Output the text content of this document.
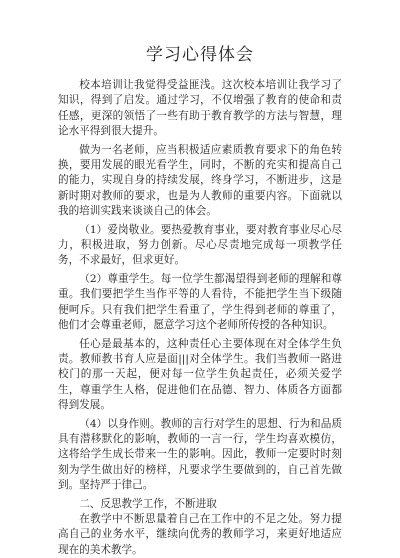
学习心得体会

校本培训让我觉得受益匪浅。这次校本培训让我学习了知识，得到了启发。通过学习，不仅增强了教育的使命和责任感，更深的领悟了一些有助于教育教学的方法与智慧，理论水平得到很大提升。

做为一名老师，应当积极适应素质教育要求下的角色转换，要用发展的眼光看学生，同时，不断的充实和提高自己的能力，实现自身的持续发展，终身学习，不断进步，这是新时期对教师的要求，也是为人教师的重要内容。下面就以我的培训实践来谈谈自己的体会。

（1）爱岗敬业。要热爱教育事业，要对教育事业尽心尽力，积极进取，努力创新。尽心尽责地完成每一项教学任务，不求最好，但求更好。

（2）尊重学生。每一位学生都渴望得到老师的理解和尊重。我们要把学生当作平等的人看待，不能把学生当下级随便呵斥。只有我们把学生看重了，学生得到老师的尊重了，他们才会尊重老师，愿意学习这个老师所传授的各种知识。

任心是最基本的，这种责任心主要体现在对全体学生负责。教师教书育人应是面|||对全体学生。我们当教师一路进校门的那一天起，便对每一位学生负起责任，必须关爱学生，尊重学生人格，促进他们在品德、智力、体质各方面都得到发展。

（4）以身作则。教师的言行对学生的思想、行为和品质具有潜移默化的影响，教师的一言一行，学生均喜欢模仿，这将给学生成长带来一生的影响。因此，教师一定要时时刻刻为学生做出好的榜样，凡要求学生要做到的，自己首先做到。坚持严于律己。

二、反思教学工作，不断进取

在教学中不断思量着自己在工作中的不足之处。努力提高自己的业务水平，继续向优秀的教师学习，来更好地适应现在的美术教学。
